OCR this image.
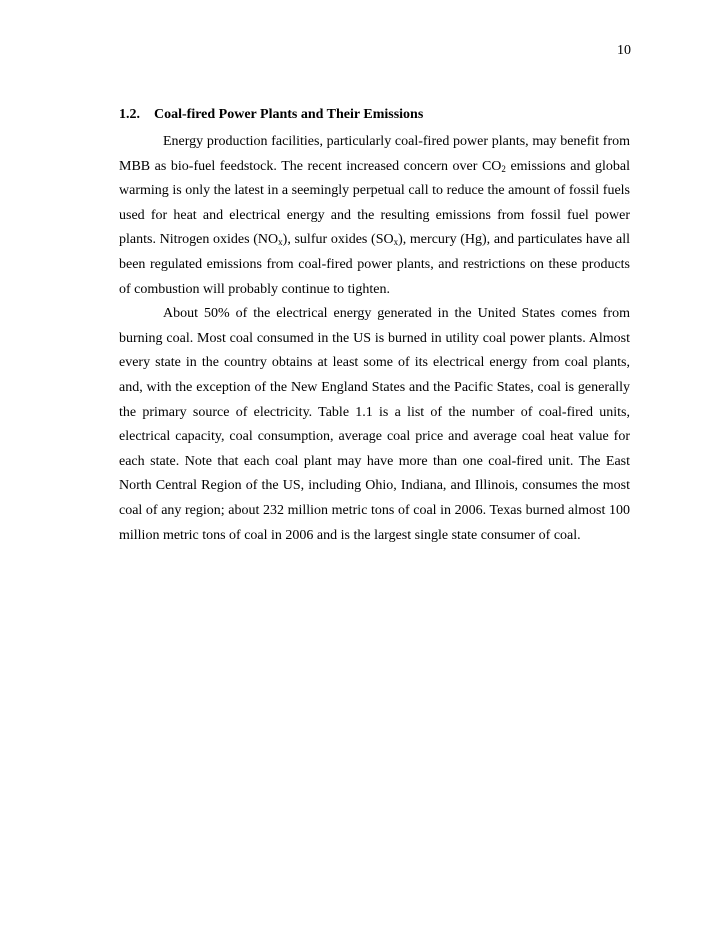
10
1.2. Coal-fired Power Plants and Their Emissions

Energy production facilities, particularly coal-fired power plants, may benefit from MBB as bio-fuel feedstock. The recent increased concern over $CO_2$ emissions and global warming is only the latest in a seemingly perpetual call to reduce the amount of fossil fuels used for heat and electrical energy and the resulting emissions from fossil fuel power plants. Nitrogen oxides $(NO_x)$, sulfur oxides $(SO_x)$, mercury (Hg), and particulates have all been regulated emissions from coal-fired power plants, and restrictions on these products of combustion will probably continue to tighten.

About 50% of the electrical energy generated in the United States comes from burning coal. Most coal consumed in the US is burned in utility coal power plants. Almost every state in the country obtains at least some of its electrical energy from coal plants, and, with the exception of the New England States and the Pacific States, coal is generally the primary source of electricity. Table 1.1 is a list of the number of coal-fired units, electrical capacity, coal consumption, average coal price and average coal heat value for each state. Note that each coal plant may have more than one coal-fired unit. The East North Central Region of the US, including Ohio, Indiana, and Illinois, consumes the most coal of any region; about 232 million metric tons of coal in 2006. Texas burned almost 100 million metric tons of coal in 2006 and is the largest single state consumer of coal.
